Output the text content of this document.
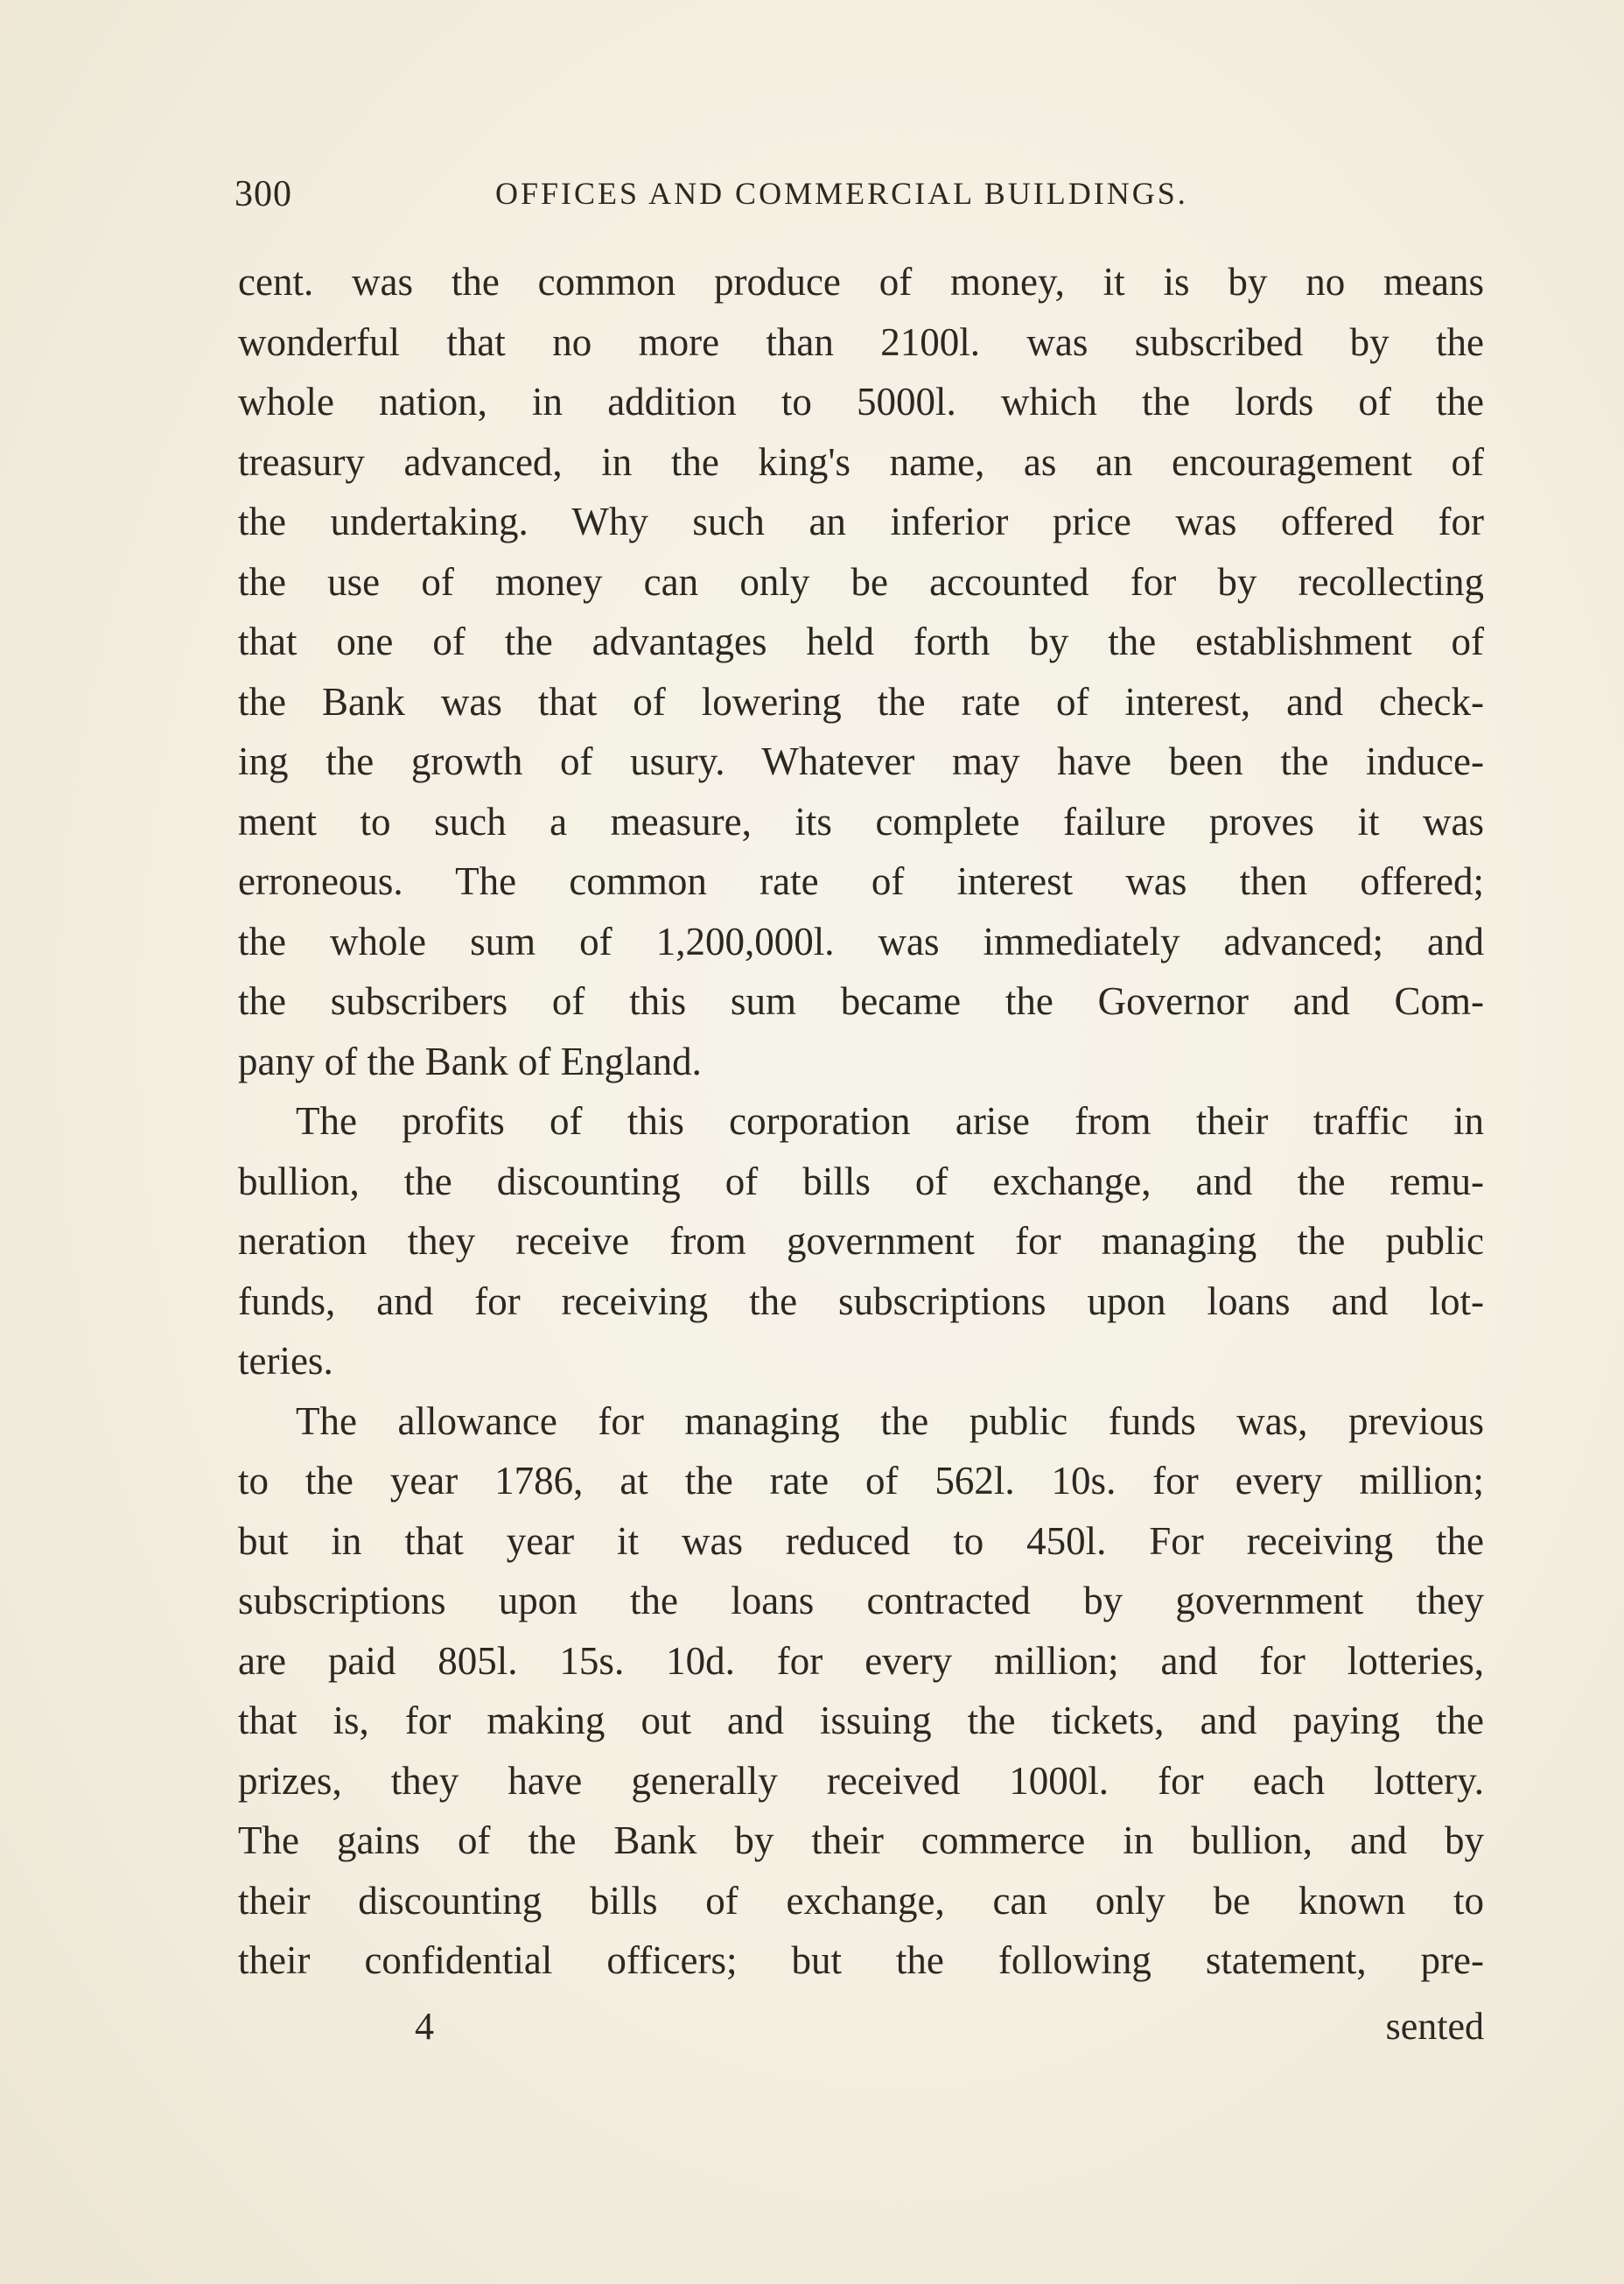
300	OFFICES AND COMMERCIAL BUILDINGS.
cent. was the common produce of money, it is by no means
wonderful that no more than 2100l. was subscribed by the
whole nation, in addition to 5000l. which the lords of the
treasury advanced, in the king's name, as an encouragement of
the undertaking. Why such an inferior price was offered for
the use of money can only be accounted for by recollecting
that one of the advantages held forth by the establishment of
the Bank was that of lowering the rate of interest, and check-
ing the growth of usury. Whatever may have been the induce-
ment to such a measure, its complete failure proves it was
erroneous. The common rate of interest was then offered;
the whole sum of 1,200,000l. was immediately advanced; and
the subscribers of this sum became the Governor and Com-
pany of the Bank of England.
The profits of this corporation arise from their traffic in
bullion, the discounting of bills of exchange, and the remu-
neration they receive from government for managing the public
funds, and for receiving the subscriptions upon loans and lot-
teries.
The allowance for managing the public funds was, previous
to the year 1786, at the rate of 562l. 10s. for every million;
but in that year it was reduced to 450l. For receiving the
subscriptions upon the loans contracted by government they
are paid 805l. 15s. 10d. for every million; and for lotteries,
that is, for making out and issuing the tickets, and paying the
prizes, they have generally received 1000l. for each lottery.
The gains of the Bank by their commerce in bullion, and by
their discounting bills of exchange, can only be known to
their confidential officers; but the following statement, pre-
4	sented
